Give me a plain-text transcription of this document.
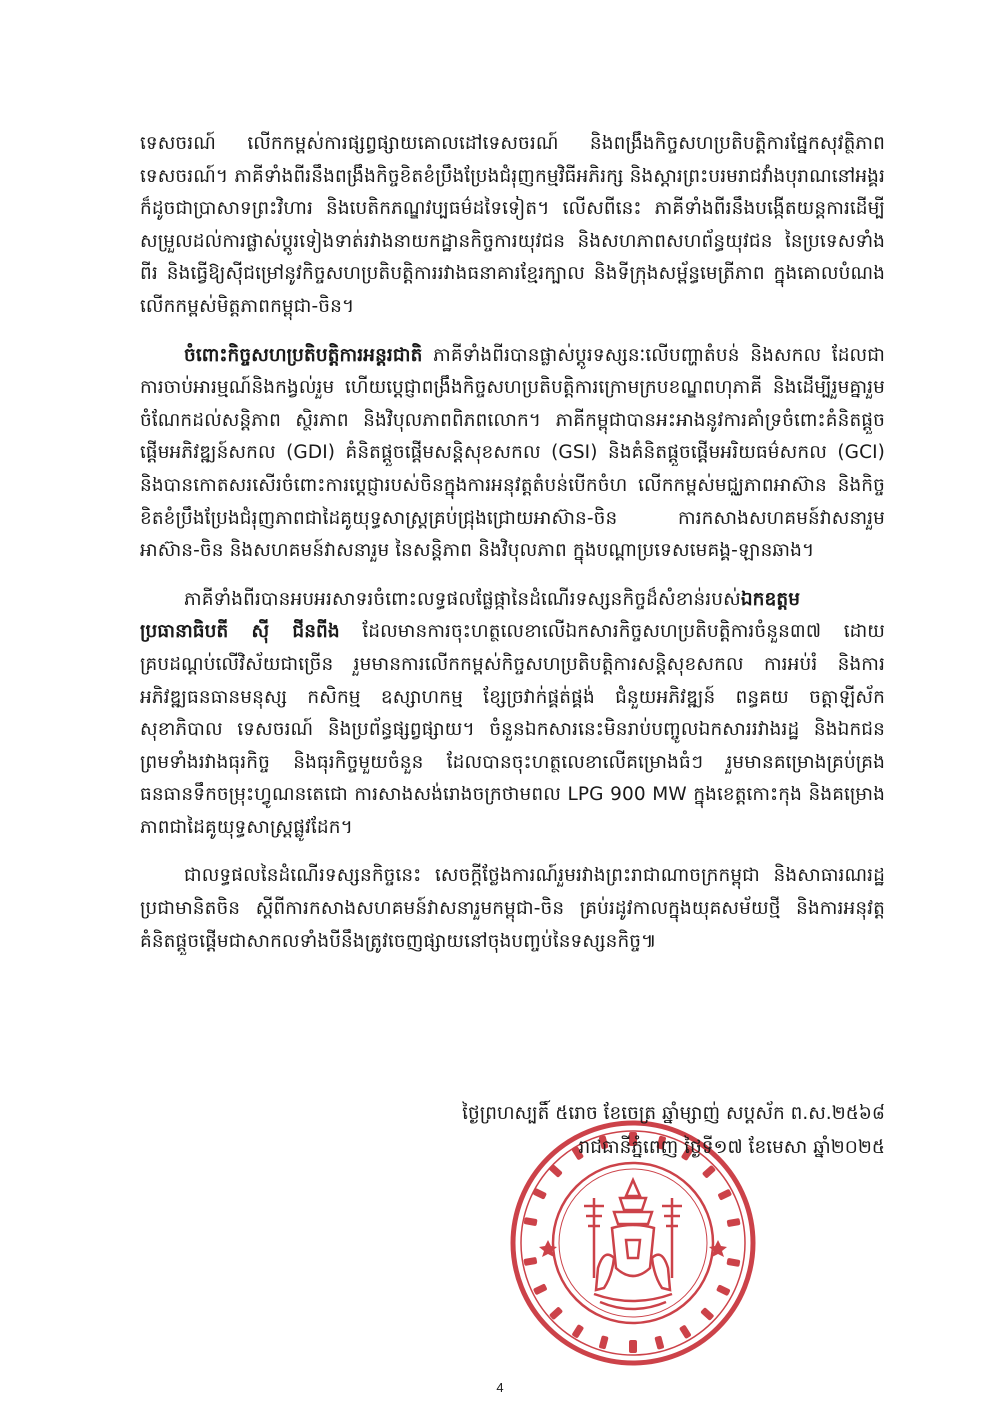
ទេសចរណ៍ លើកកម្ពស់ការផ្សព្វផ្សាយគោលដៅទេសចរណ៍ និងពង្រឹងកិច្ចសហប្រតិបត្តិការផ្នែកសុវត្ថិភាពទេសចរណ៍។ ភាគីទាំងពីរនឹងពង្រឹងកិច្ចខិតខំប្រឹងប្រែងជំរុញកម្មវិធីអភិរក្ស និងស្តារព្រះបរមរាជវាំងបុរាណនៅអង្គរ ក៏ដូចជាប្រាសាទព្រះវិហារ និងបេតិកភណ្ឌវប្បធម៌ដទៃទៀត។ លើសពីនេះ ភាគីទាំងពីរនឹងបង្កើតយន្តការដើម្បីសម្រួលដល់ការផ្លាស់ប្តូរទៀងទាត់រវាងនាយកដ្ឋានកិច្ចការយុវជន និងសហភាពសហព័ន្ធយុវជន នៃប្រទេសទាំងពីរ និងធ្វើឱ្យស៊ីជម្រៅនូវកិច្ចសហប្រតិបត្តិការរវាងធនាគារខ្មែរក្បាល និងទីក្រុងសម្ព័ន្ធមេត្រីភាព ក្នុងគោលបំណងលើកកម្ពស់មិត្តភាពកម្ពុជា-ចិន។

ចំពោះកិច្ចសហប្រតិបត្តិការអន្តរជាតិ ភាគីទាំងពីរបានផ្លាស់ប្តូរទស្សនៈលើបញ្ហាតំបន់ និងសកល ដែលជាការចាប់អារម្មណ៍និងកង្វល់រួម ហើយប្តេជ្ញាពង្រឹងកិច្ចសហប្រតិបត្តិការក្រោមក្របខណ្ឌពហុភាគី និងដើម្បីរួមគ្នារួមចំណែកដល់សន្តិភាព ស្ថិរភាព និងវិបុលភាពពិភពលោក។ ភាគីកម្ពុជាបានអះអាងនូវការគាំទ្រចំពោះគំនិតផ្តួចផ្តើមអភិវឌ្ឍន៍សកល (GDI) គំនិតផ្តួចផ្តើមសន្តិសុខសកល (GSI) និងគំនិតផ្តួចផ្តើមអរិយធម៌សកល (GCI) និងបានកោតសរសើរចំពោះការប្តេជ្ញារបស់ចិនក្នុងការអនុវត្តតំបន់បើកចំហ លើកកម្ពស់មជ្ឈភាពអាស៊ាន និងកិច្ចខិតខំប្រឹងប្រែងជំរុញភាពជាដៃគូយុទ្ធសាស្ត្រគ្រប់ជ្រុងជ្រោយអាស៊ាន-ចិន ការកសាងសហគមន៍វាសនារួមអាស៊ាន-ចិន និងសហគមន៍វាសនារួម នៃសន្តិភាព និងវិបុលភាព ក្នុងបណ្តាប្រទេសមេគង្គ-ឡានឆាង។

ភាគីទាំងពីរបានអបអរសាទរចំពោះលទ្ធផលផ្លែផ្កានៃដំណើរទស្សនកិច្ចដ៏សំខាន់របស់ឯកឧត្តមប្រធានាធិបតី ស៊ី ជីនពីង ដែលមានការចុះហត្ថលេខាលើឯកសារកិច្ចសហប្រតិបត្តិការចំនួន៣៧ ដោយគ្របដណ្តប់លើវិស័យជាច្រើន រួមមានការលើកកម្ពស់កិច្ចសហប្រតិបត្តិការសន្តិសុខសកល ការអប់រំ និងការអភិវឌ្ឍធនធានមនុស្ស កសិកម្ម ឧស្សាហកម្ម ខ្សែច្រវាក់ផ្គត់ផ្គង់ ជំនួយអភិវឌ្ឍន៍ ពន្ធគយ ចត្តាឡីស័ក សុខាភិបាល ទេសចរណ៍ និងប្រព័ន្ធផ្សព្វផ្សាយ។ ចំនួនឯកសារនេះមិនរាប់បញ្ចូលឯកសាររវាងរដ្ឋ និងឯកជន ព្រមទាំងរវាងធុរកិច្ច និងធុរកិច្ចមួយចំនួន ដែលបានចុះហត្ថលេខាលើគម្រោងធំៗ រួមមានគម្រោងគ្រប់គ្រងធនធានទឹកចម្រុះហ្វូណនតេជោ ការសាងសង់រោងចក្រថាមពល LPG 900 MW ក្នុងខេត្តកោះកុង និងគម្រោងភាពជាដៃគូយុទ្ធសាស្ត្រផ្លូវដែក។

ជាលទ្ធផលនៃដំណើរទស្សនកិច្ចនេះ សេចក្តីថ្លែងការណ៍រួមរវាងព្រះរាជាណាចក្រកម្ពុជា និងសាធារណរដ្ឋប្រជាមានិតចិន ស្តីពីការកសាងសហគមន៍វាសនារួមកម្ពុជា-ចិន គ្រប់រដូវកាលក្នុងយុគសម័យថ្មី និងការអនុវត្តគំនិតផ្តួចផ្តើមជាសាកលទាំងបីនឹងត្រូវចេញផ្សាយនៅចុងបញ្ចប់នៃទស្សនកិច្ច៕

ថ្ងៃព្រហស្បតិ៍ ៥រោច ខែចេត្រ ឆ្នាំម្សាញ់ សប្តស័ក ព.ស.២៥៦៨
រាជធានីភ្នំពេញ ថ្ងៃទី១៧ ខែមេសា ឆ្នាំ២០២៥
4
